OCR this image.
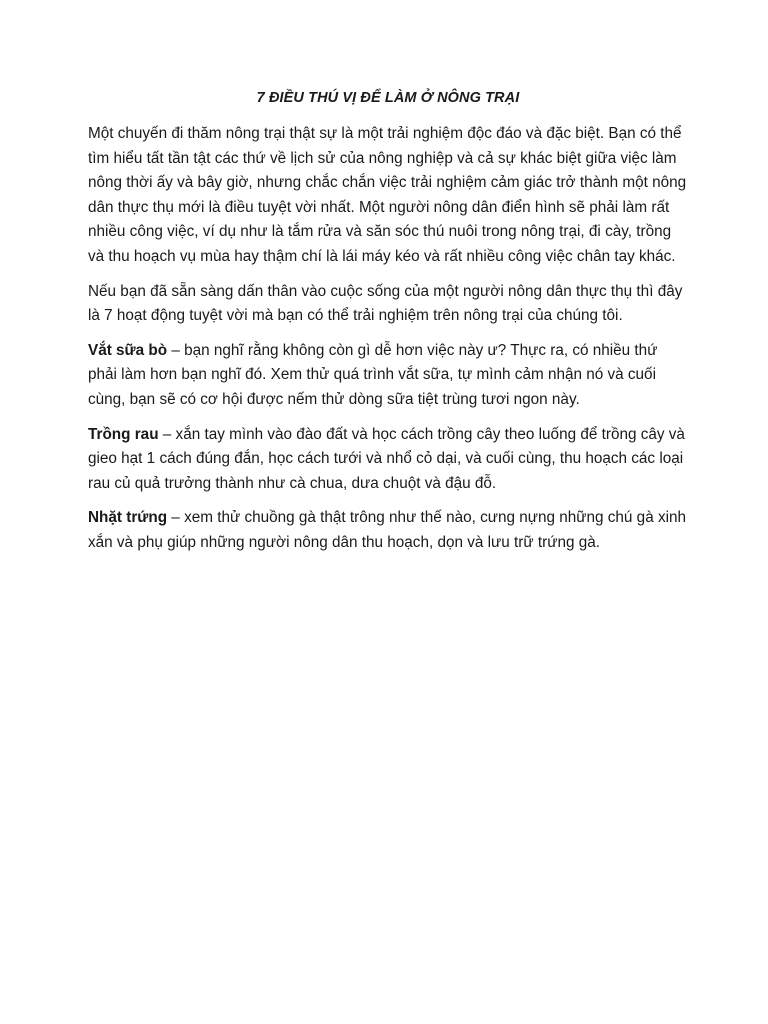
7 ĐIỀU THÚ VỊ ĐỂ LÀM Ở NÔNG TRẠI

Một chuyến đi thăm nông trại thật sự là một trải nghiệm độc đáo và đặc biệt. Bạn có thể tìm hiểu tất tần tật các thứ về lịch sử của nông nghiệp và cả sự khác biệt giữa việc làm nông thời ấy và bây giờ, nhưng chắc chắn việc trải nghiệm cảm giác trở thành một nông dân thực thụ mới là điều tuyệt vời nhất. Một người nông dân điển hình sẽ phải làm rất nhiều công việc, ví dụ như là tắm rửa và săn sóc thú nuôi trong nông trại, đi cày, trồng và thu hoạch vụ mùa hay thậm chí là lái máy kéo và rất nhiều công việc chân tay khác.

Nếu bạn đã sẵn sàng dấn thân vào cuộc sống của một người nông dân thực thụ thì đây là 7 hoạt động tuyệt vời mà bạn có thể trải nghiệm trên nông trại của chúng tôi.

Vắt sữa bò – bạn nghĩ rằng không còn gì dễ hơn việc này ư? Thực ra, có nhiều thứ phải làm hơn bạn nghĩ đó. Xem thử quá trình vắt sữa, tự mình cảm nhận nó và cuối cùng, bạn sẽ có cơ hội được nếm thử dòng sữa tiệt trùng tươi ngon này.

Trồng rau – xắn tay mình vào đào đất và học cách trồng cây theo luống để trồng cây và gieo hạt 1 cách đúng đắn, học cách tưới và nhổ cỏ dại, và cuối cùng, thu hoạch các loại rau củ quả trưởng thành như cà chua, dưa chuột và đậu đỗ.

Nhặt trứng – xem thử chuồng gà thật trông như thế nào, cưng nựng những chú gà xinh xắn và phụ giúp những người nông dân thu hoạch, dọn và lưu trữ trứng gà.
